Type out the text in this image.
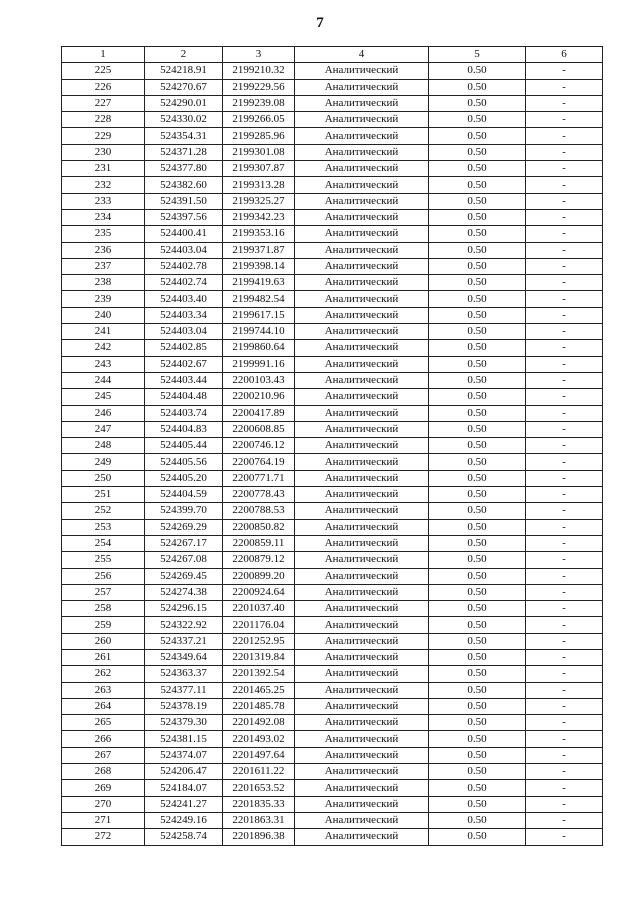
7
1	2	3	4	5	6
225	524218.91	2199210.32	Аналитический	0.50	-
226	524270.67	2199229.56	Аналитический	0.50	-
227	524290.01	2199239.08	Аналитический	0.50	-
228	524330.02	2199266.05	Аналитический	0.50	-
229	524354.31	2199285.96	Аналитический	0.50	-
230	524371.28	2199301.08	Аналитический	0.50	-
231	524377.80	2199307.87	Аналитический	0.50	-
232	524382.60	2199313.28	Аналитический	0.50	-
233	524391.50	2199325.27	Аналитический	0.50	-
234	524397.56	2199342.23	Аналитический	0.50	-
235	524400.41	2199353.16	Аналитический	0.50	-
236	524403.04	2199371.87	Аналитический	0.50	-
237	524402.78	2199398.14	Аналитический	0.50	-
238	524402.74	2199419.63	Аналитический	0.50	-
239	524403.40	2199482.54	Аналитический	0.50	-
240	524403.34	2199617.15	Аналитический	0.50	-
241	524403.04	2199744.10	Аналитический	0.50	-
242	524402.85	2199860.64	Аналитический	0.50	-
243	524402.67	2199991.16	Аналитический	0.50	-
244	524403.44	2200103.43	Аналитический	0.50	-
245	524404.48	2200210.96	Аналитический	0.50	-
246	524403.74	2200417.89	Аналитический	0.50	-
247	524404.83	2200608.85	Аналитический	0.50	-
248	524405.44	2200746.12	Аналитический	0.50	-
249	524405.56	2200764.19	Аналитический	0.50	-
250	524405.20	2200771.71	Аналитический	0.50	-
251	524404.59	2200778.43	Аналитический	0.50	-
252	524399.70	2200788.53	Аналитический	0.50	-
253	524269.29	2200850.82	Аналитический	0.50	-
254	524267.17	2200859.11	Аналитический	0.50	-
255	524267.08	2200879.12	Аналитический	0.50	-
256	524269.45	2200899.20	Аналитический	0.50	-
257	524274.38	2200924.64	Аналитический	0.50	-
258	524296.15	2201037.40	Аналитический	0.50	-
259	524322.92	2201176.04	Аналитический	0.50	-
260	524337.21	2201252.95	Аналитический	0.50	-
261	524349.64	2201319.84	Аналитический	0.50	-
262	524363.37	2201392.54	Аналитический	0.50	-
263	524377.11	2201465.25	Аналитический	0.50	-
264	524378.19	2201485.78	Аналитический	0.50	-
265	524379.30	2201492.08	Аналитический	0.50	-
266	524381.15	2201493.02	Аналитический	0.50	-
267	524374.07	2201497.64	Аналитический	0.50	-
268	524206.47	2201611.22	Аналитический	0.50	-
269	524184.07	2201653.52	Аналитический	0.50	-
270	524241.27	2201835.33	Аналитический	0.50	-
271	524249.16	2201863.31	Аналитический	0.50	-
272	524258.74	2201896.38	Аналитический	0.50	-
